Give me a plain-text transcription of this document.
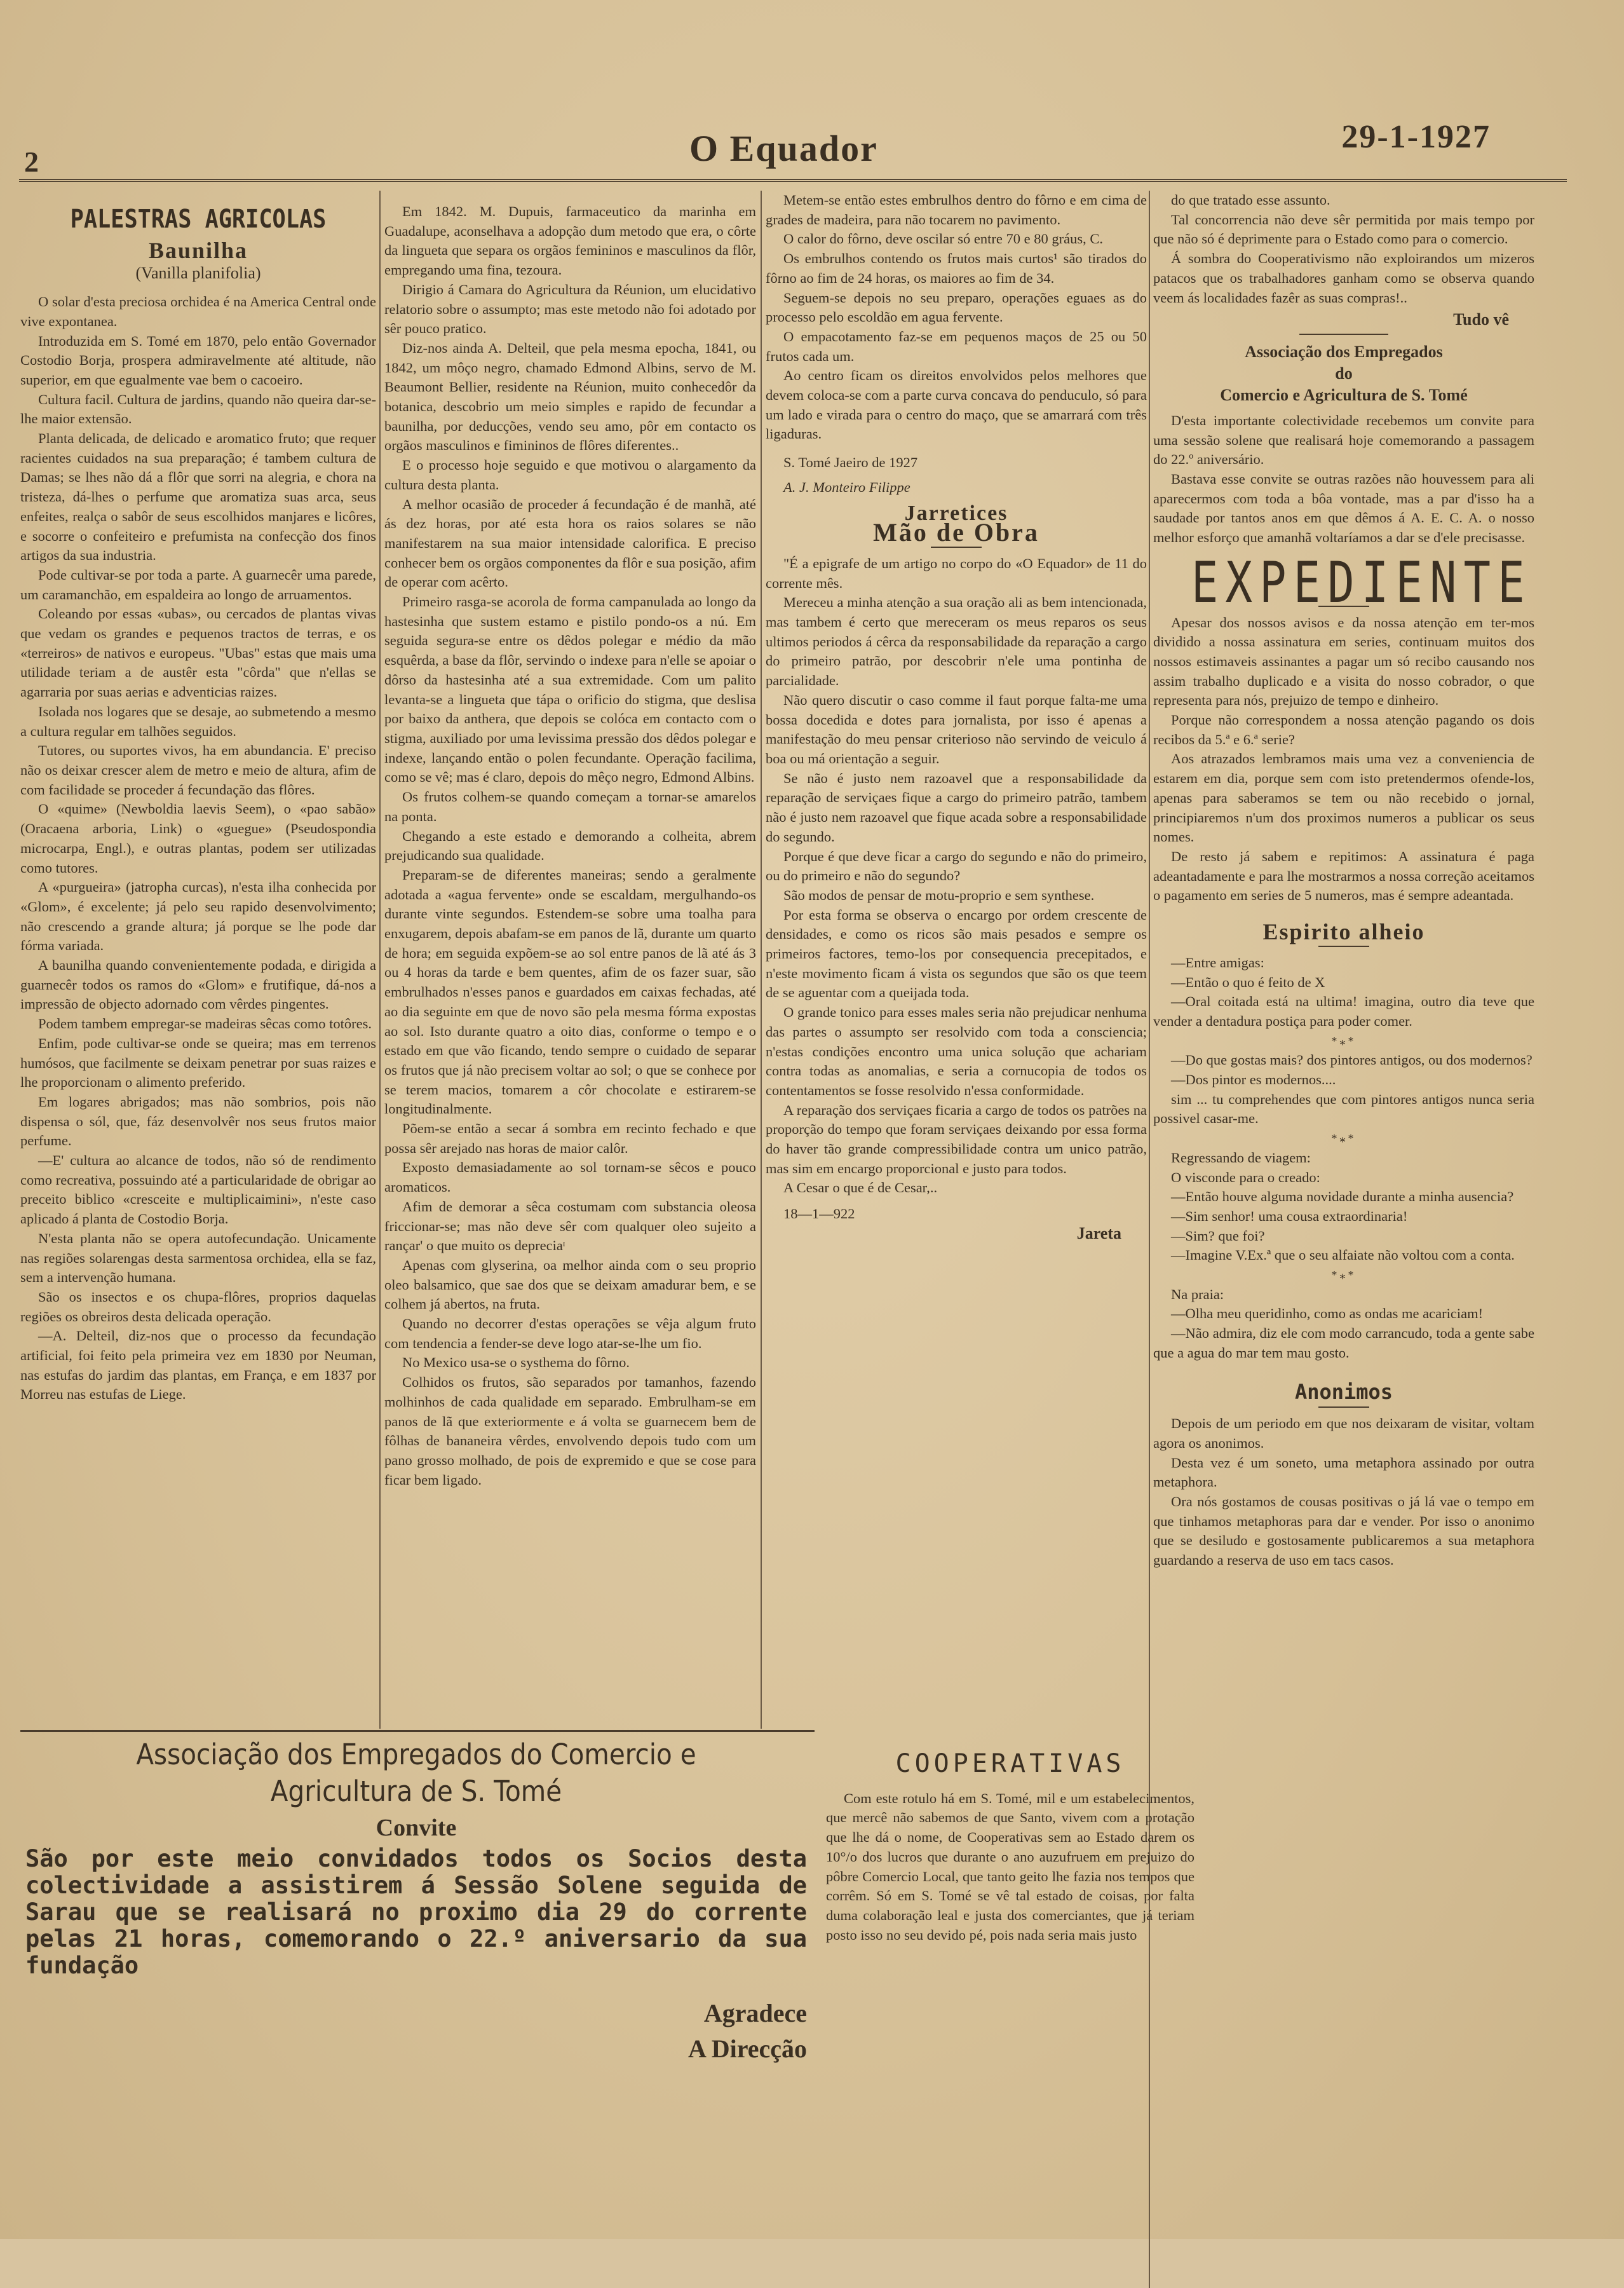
2	O Equador	29-1-1927
PALESTRAS AGRICOLAS
Baunilha
(Vanilla planifolia)

O solar d'esta preciosa orchidea é na America Central onde vive expontanea.

Introduzida em S. Tomé em 1870, pelo então Governador Costodio Borja, prospera admiravelmente até altitude, não superior, em que egualmente vae bem o cacoeiro.

Cultura facil. Cultura de jardins, quando não queira dar-se-lhe maior extensão.

Planta delicada, de delicado e aromatico fruto; que requer racientes cuidados na sua preparação; é tambem cultura de Damas; se lhes não dá a flôr que sorri na alegria, e chora na tristeza, dá-lhes o perfume que aromatiza suas arca, seus enfeites, realça o sabôr de seus escolhidos manjares e licôres, e socorre o confeiteiro e prefumista na confecção dos finos artigos da sua industria.

Pode cultivar-se por toda a parte. A guarnecêr uma parede, um caramanchão, em espaldeira ao longo de arruamentos.

Coleando por essas «ubas», ou cercados de plantas vivas que vedam os grandes e pequenos tractos de terras, e os «terreiros» de nativos e europeus. "Ubas" estas que mais uma utilidade teriam a de austêr esta "côrda" que n'ellas se agarraria por suas aerias e adventicias raizes.

Isolada nos logares que se desaje, ao submetendo a mesmo a cultura regular em talhões seguidos.

Tutores, ou suportes vivos, ha em abundancia. E' preciso não os deixar crescer alem de metro e meio de altura, afim de com facilidade se proceder á fecundação das flôres.

O «quime» (Newboldia laevis Seem), o «pao sabão» (Oracaena arboria, Link) o «guegue» (Pseudospondia microcarpa, Engl.), e outras plantas, podem ser utilizadas como tutores.

A «purgueira» (jatropha curcas), n'esta ilha conhecida por «Glom», é excelente; já pelo seu rapido desenvolvimento; não crescendo a grande altura; já porque se lhe pode dar fórma variada.

A baunilha quando convenientemente podada, e dirigida a guarnecêr todos os ramos do «Glom» e frutifique, dá-nos a impressão de objecto adornado com vêrdes pingentes.

Podem tambem empregar-se madeiras sêcas como totôres.

Enfim, pode cultivar-se onde se queira; mas em terrenos humósos, que facilmente se deixam penetrar por suas raizes e lhe proporcionam o alimento preferido.

Em logares abrigados; mas não sombrios, pois não dispensa o sól, que, fáz desenvolvêr nos seus frutos maior perfume.

—E' cultura ao alcance de todos, não só de rendimento como recreativa, possuindo até a particularidade de obrigar ao preceito biblico «cresceite e multiplicaimini», n'este caso aplicado á planta de Costodio Borja.

N'esta planta não se opera autofecundação. Unicamente nas regiões solarengas desta sarmentosa orchidea, ella se faz, sem a intervenção humana.

São os insectos e os chupa-flôres, proprios daquelas regiões os obreiros desta delicada operação.

—A. Delteil, diz-nos que o processo da fecundação artificial, foi feito pela primeira vez em 1830 por Neuman, nas estufas do jardim das plantas, em França, e em 1837 por Morreu nas estufas de Liege.

Em 1842. M. Dupuis, farmaceutico da marinha em Guadalupe, aconselhava a adopção dum metodo que era, o côrte da lingueta que separa os orgãos femininos e masculinos da flôr, empregando uma fina, tezoura.

Dirigio á Camara do Agricultura da Réunion, um elucidativo relatorio sobre o assumpto; mas este metodo não foi adotado por sêr pouco pratico.

Diz-nos ainda A. Delteil, que pela mesma epocha, 1841, ou 1842, um môço negro, chamado Edmond Albins, servo de M. Beaumont Bellier, residente na Réunion, muito conhecedôr da botanica, descobrio um meio simples e rapido de fecundar a baunilha, por deducções, vendo seu amo, pôr em contacto os orgãos masculinos e fimininos de flôres diferentes..

E o processo hoje seguido e que motivou o alargamento da cultura desta planta.

A melhor ocasião de proceder á fecundação é de manhã, até ás dez horas, por até esta hora os raios solares se não manifestarem na sua maior intensidade calorifica. E preciso conhecer bem os orgãos componentes da flôr e sua posição, afim de operar com acêrto.

Primeiro rasga-se acorola de forma campanulada ao longo da hastesinha que sustem estamo e pistilo pondo-os a nú. Em seguida segura-se entre os dêdos polegar e médio da mão esquêrda, a base da flôr, servindo o indexe para n'elle se apoiar o dôrso da hastesinha até a sua extremidade. Com um palito levanta-se a lingueta que tápa o orificio do stigma, que deslisa por baixo da anthera, que depois se colóca em contacto com o stigma, auxiliado por uma levissima pressão dos dêdos polegar e indexe, lançando então o polen fecundante. Operação facilima, como se vê; mas é claro, depois do mêço negro, Edmond Albins.

Os frutos colhem-se quando começam a tornar-se amarelos na ponta.

Chegando a este estado e demorando a colheita, abrem prejudicando sua qualidade.

Preparam-se de diferentes maneiras; sendo a geralmente adotada a «agua fervente» onde se escaldam, mergulhando-os durante vinte segundos. Estendem-se sobre uma toalha para enxugarem, depois abafam-se em panos de lã, durante um quarto de hora; em seguida expõem-se ao sol entre panos de lã até ás 3 ou 4 horas da tarde e bem quentes, afim de os fazer suar, são embrulhados n'esses panos e guardados em caixas fechadas, até ao dia seguinte em que de novo são pela mesma fórma expostas ao sol. Isto durante quatro a oito dias, conforme o tempo e o estado em que vão ficando, tendo sempre o cuidado de separar os frutos que já não precisem voltar ao sol; o que se conhece por se terem macios, tomarem a côr chocolate e estirarem-se longitudinalmente.

Põem-se então a secar á sombra em recinto fechado e que possa sêr arejado nas horas de maior calôr.

Exposto demasiadamente ao sol tornam-se sêcos e pouco aromaticos.

Afim de demorar a sêca costumam com substancia oleosa friccionar-se; mas não deve sêr com qualquer oleo sujeito a rançar' o que muito os depreciaᶦ

Apenas com glyserina, oa melhor ainda com o seu proprio oleo balsamico, que sae dos que se deixam amadurar bem, e se colhem já abertos, na fruta.

Quando no decorrer d'estas operações se vêja algum fruto com tendencia a fender-se deve logo atar-se-lhe um fio.

No Mexico usa-se o systhema do fôrno.

Colhidos os frutos, são separados por tamanhos, fazendo molhinhos de cada qualidade em separado. Embrulham-se em panos de lã que exteriormente e á volta se guarnecem bem de fôlhas de bananeira vêrdes, envolvendo depois tudo com um pano grosso molhado, de pois de expremido e que se cose para ficar bem ligado.

Metem-se então estes embrulhos dentro do fôrno e em cima de grades de madeira, para não tocarem no pavimento.

O calor do fôrno, deve oscilar só entre 70 e 80 gráus, C.

Os embrulhos contendo os frutos mais curtos¹ são tirados do fôrno ao fim de 24 horas, os maiores ao fim de 34.

Seguem-se depois no seu preparo, operações eguaes as do processo pelo escoldão em agua fervente.

O empacotamento faz-se em pequenos maços de 25 ou 50 frutos cada um.

Ao centro ficam os direitos envolvidos pelos melhores que devem coloca-se com a parte curva concava do penduculo, só para um lado e virada para o centro do maço, que se amarrará com três ligaduras.

S. Tomé Jaeiro de 1927

A. J. Monteiro Filippe

Jarretices
Mão de Obra

"É a epigrafe de um artigo no corpo do «O Equador» de 11 do corrente mês.

Mereceu a minha atenção a sua oração ali as bem intencionada, mas tambem é certo que mereceram os meus reparos os seus ultimos periodos á cêrca da responsabilidade da reparação a cargo do primeiro patrão, por descobrir n'ele uma pontinha de parcialidade.

Não quero discutir o caso comme il faut porque falta-me uma bossa docedida e dotes para jornalista, por isso é apenas a manifestação do meu pensar criterioso não servindo de veiculo á boa ou má orientação a seguir.

Se não é justo nem razoavel que a responsabilidade da reparação de serviçaes fique a cargo do primeiro patrão, tambem não é justo nem razoavel que fique acada sobre a responsabilidade do segundo.

Porque é que deve ficar a cargo do segundo e não do primeiro, ou do primeiro e não do segundo?

São modos de pensar de motu-proprio e sem synthese.

Por esta forma se observa o encargo por ordem crescente de densidades, e como os ricos são mais pesados e sempre os primeiros factores, temo-los por consequencia precepitados, e n'este movimento ficam á vista os segundos que são os que teem de se aguentar com a queijada toda.

O grande tonico para esses males seria não prejudicar nenhuma das partes o assumpto ser resolvido com toda a consciencia; n'estas condições encontro uma unica solução que achariam contra todas as anomalias, e seria a cornucopia de todos os contentamentos se fosse resolvido n'essa conformidade.

A reparação dos serviçaes ficaria a cargo de todos os patrões na proporção do tempo que foram serviçaes deixando por essa forma do haver tão grande compressibilidade contra um unico patrão, mas sim em encargo proporcional e justo para todos.

A Cesar o que é de Cesar,..

18—1—922

Jareta

do que tratado esse assunto.

Tal concorrencia não deve sêr permitida por mais tempo por que não só é deprimente para o Estado como para o comercio.

Á sombra do Cooperativismo não exploirandos um mizeros patacos que os trabalhadores ganham como se observa quando veem ás localidades fazêr as suas compras!..

Tudo vê
Associação dos Empregados
do
Comercio e Agricultura de S. Tomé

D'esta importante colectividade recebemos um convite para uma sessão solene que realisará hoje comemorando a passagem do 22.º aniversário.

Bastava esse convite se outras razões não houvessem para ali aparecermos com toda a bôa vontade, mas a par d'isso ha a saudade por tantos anos em que dêmos á A. E. C. A. o nosso melhor esforço que amanhã voltaríamos a dar se d'ele precisasse.

EXPEDIENTE

Apesar dos nossos avisos e da nossa atenção em ter-mos dividido a nossa assinatura em series, continuam muitos dos nossos estimaveis assinantes a pagar um só recibo causando nos assim trabalho duplicado e a visita do nosso cobrador, o que representa para nós, prejuizo de tempo e dinheiro.

Porque não correspondem a nossa atenção pagando os dois recibos da 5.ª e 6.ª serie?

Aos atrazados lembramos mais uma vez a conveniencia de estarem em dia, porque sem com isto pretendermos ofende-los, apenas para saberamos se tem ou não recebido o jornal, principiaremos n'um dos proximos numeros a publicar os seus nomes.

De resto já sabem e repitimos: A assinatura é paga adeantadamente e para lhe mostrarmos a nossa correção aceitamos o pagamento em series de 5 numeros, mas é sempre adeantada.

Espirito alheio

—Entre amigas:

—Então o quo é feito de X

—Oral coitada está na ultima! imagina, outro dia teve que vender a dentadura postiça para poder comer.

*⁎*

—Do que gostas mais? dos pintores antigos, ou dos modernos?

—Dos pintor es modernos....

sim ... tu comprehendes que com pintores antigos nunca seria possivel casar-me.

*⁎*

Regressando de viagem:

O visconde para o creado:

—Então houve alguma novidade durante a minha ausencia?

—Sim senhor! uma cousa extraordinaria!

—Sim? que foi?

—Imagine V.Ex.ª que o seu alfaiate não voltou com a conta.

*⁎*

Na praia:

—Olha meu queridinho, como as ondas me acariciam!

—Não admira, diz ele com modo carrancudo, toda a gente sabe que a agua do mar tem mau gosto.

Anonimos

Depois de um periodo em que nos deixaram de visitar, voltam agora os anonimos.

Desta vez é um soneto, uma metaphora assinado por outra metaphora.

Ora nós gostamos de cousas positivas o já lá vae o tempo em que tinhamos metaphoras para dar e vender. Por isso o anonimo que se desiludo e gostosamente publicaremos a sua metaphora guardando a reserva de uso em tacs casos.

Associação dos Empregados do Comercio e Agricultura de S. Tomé
Convite
São por este meio convidados todos os Socios desta colectividade a assistirem á Sessão Solene seguida de Sarau que se realisará no proximo dia 29 do corrente pelas 21 horas, comemorando o 22.º aniversario da sua fundação
Agradece
A Direcção
COOPERATIVAS

Com este rotulo há em S. Tomé, mil e um estabelecimentos, que mercê não sabemos de que Santo, vivem com a protação que lhe dá o nome, de Cooperativas sem ao Estado darem os 10°/o dos lucros que durante o ano auzufruem em prejuizo do pôbre Comercio Local, que tanto geito lhe fazia nos tempos que corrêm. Só em S. Tomé se vê tal estado de coisas, por falta duma colaboração leal e justa dos comerciantes, que já teriam posto isso no seu devido pé, pois nada seria mais justo
